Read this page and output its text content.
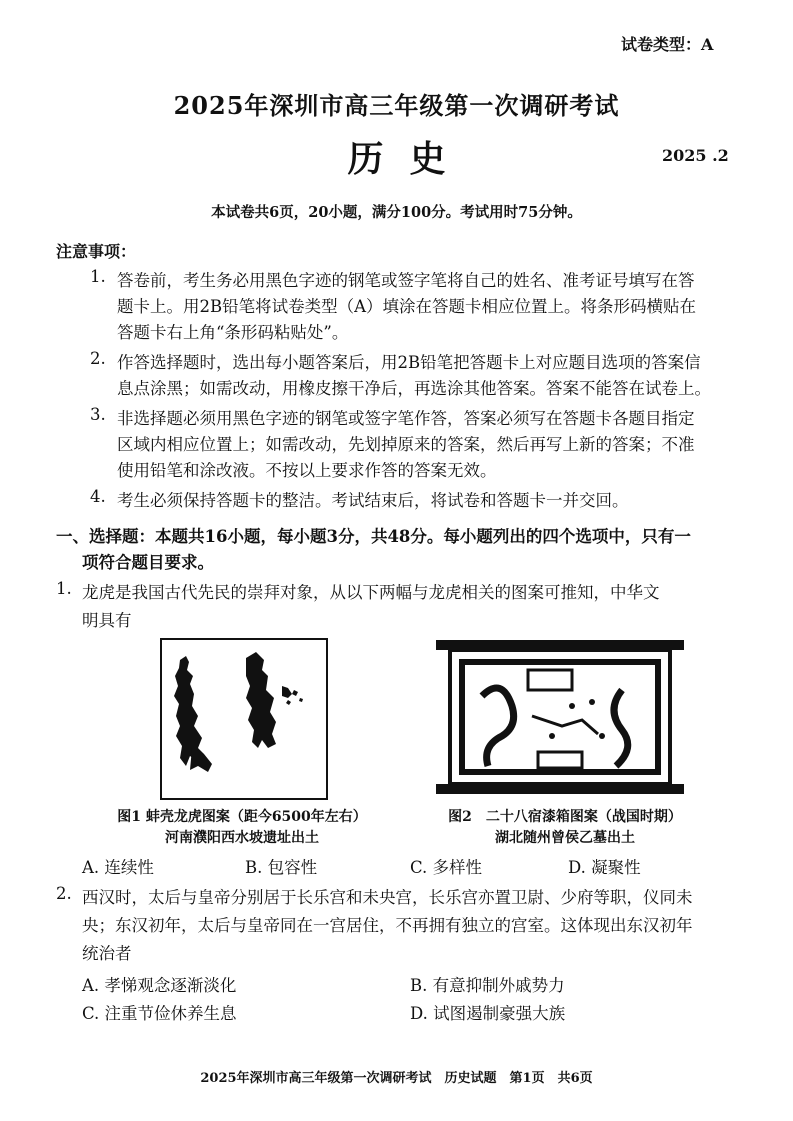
试卷类型：A
2025年深圳市高三年级第一次调研考试
历史	2025 .2
本试卷共6页，20小题，满分100分。考试用时75分钟。
注意事项：
1. 答卷前，考生务必用黑色字迹的钢笔或签字笔将自己的姓名、准考证号填写在答
题卡上。用2B铅笔将试卷类型（A）填涂在答题卡相应位置上。将条形码横贴在
答题卡右上角“条形码粘贴处”。
2. 作答选择题时，选出每小题答案后，用2B铅笔把答题卡上对应题目选项的答案信
息点涂黑；如需改动，用橡皮擦干净后，再选涂其他答案。答案不能答在试卷上。
3. 非选择题必须用黑色字迹的钢笔或签字笔作答，答案必须写在答题卡各题目指定
区域内相应位置上；如需改动，先划掉原来的答案，然后再写上新的答案；不准
使用铅笔和涂改液。不按以上要求作答的答案无效。
4. 考生必须保持答题卡的整洁。考试结束后，将试卷和答题卡一并交回。
一、选择题：本题共16小题，每小题3分，共48分。每小题列出的四个选项中，只有一
项符合题目要求。
1. 龙虎是我国古代先民的崇拜对象，从以下两幅与龙虎相关的图案可推知，中华文
明具有
图1 蚌壳龙虎图案（距今6500年左右）
河南濮阳西水坡遗址出土
图2　二十八宿漆箱图案（战国时期）
湖北随州曾侯乙墓出土
A. 连续性	B. 包容性	C. 多样性	D. 凝聚性
2. 西汉时，太后与皇帝分别居于长乐宫和未央宫，长乐宫亦置卫尉、少府等职，仪同未
央；东汉初年，太后与皇帝同在一宫居住，不再拥有独立的宫室。这体现出东汉初年
统治者
A. 孝悌观念逐渐淡化	B. 有意抑制外戚势力
C. 注重节俭休养生息	D. 试图遏制豪强大族
2025年深圳市高三年级第一次调研考试　历史试题　第1页　共6页
